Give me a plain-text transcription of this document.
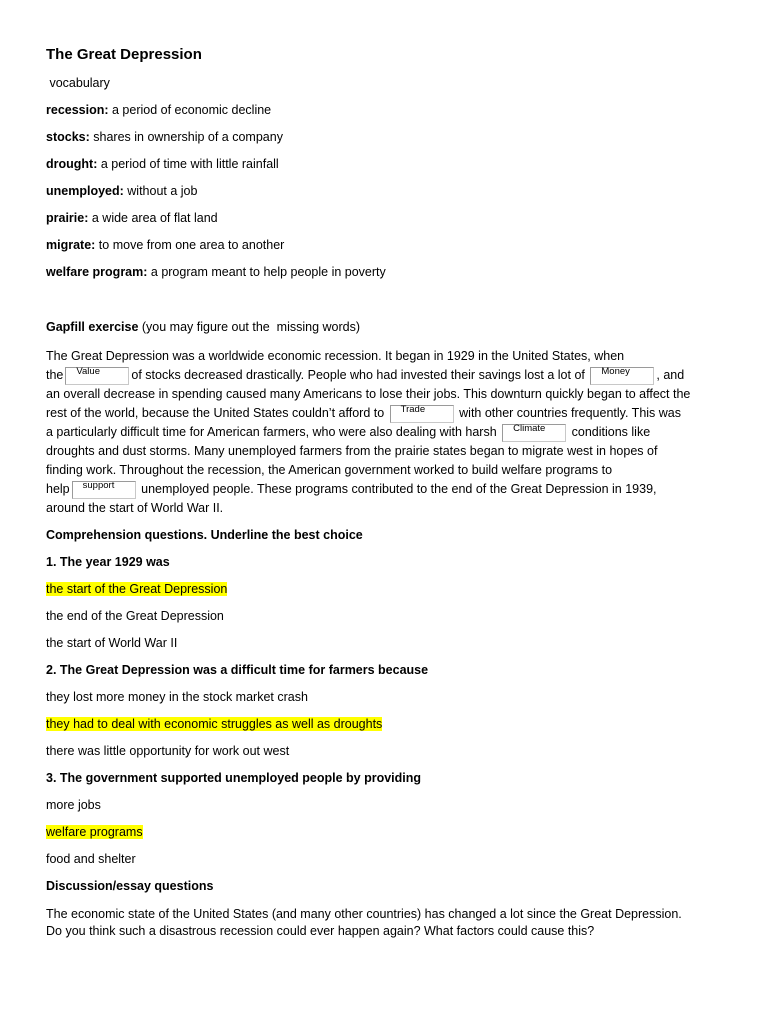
The Great Depression
vocabulary
recession: a period of economic decline
stocks: shares in ownership of a company
drought: a period of time with little rainfall
unemployed: without a job
prairie: a wide area of flat land
migrate: to move from one area to another
welfare program: a program meant to help people in poverty
Gapfill exercise (you may figure out the  missing words)
The Great Depression was a worldwide economic recession. It began in 1929 in the United States, when
the Value	of stocks decreased drastically. People who had invested their savings lost a lot of Money , and
an overall decrease in spending caused many Americans to lose their jobs. This downturn quickly began to affect the
rest of the world, because the United States couldn’t afford to Trade	with other countries frequently. This was
a particularly difficult time for American farmers, who were also dealing with harsh Climate conditions like
droughts and dust storms. Many unemployed farmers from the prairie states began to migrate west in hopes of
finding work. Throughout the recession, the American government worked to build welfare programs to
help support unemployed people. These programs contributed to the end of the Great Depression in 1939,
around the start of World War II.
Comprehension questions. Underline the best choice
1. The year 1929 was
the start of the Great Depression
the end of the Great Depression
the start of World War II
2. The Great Depression was a difficult time for farmers because
they lost more money in the stock market crash
they had to deal with economic struggles as well as droughts
there was little opportunity for work out west
3. The government supported unemployed people by providing
more jobs
welfare programs
food and shelter
Discussion/essay questions
The economic state of the United States (and many other countries) has changed a lot since the Great Depression.
Do you think such a disastrous recession could ever happen again? What factors could cause this?
